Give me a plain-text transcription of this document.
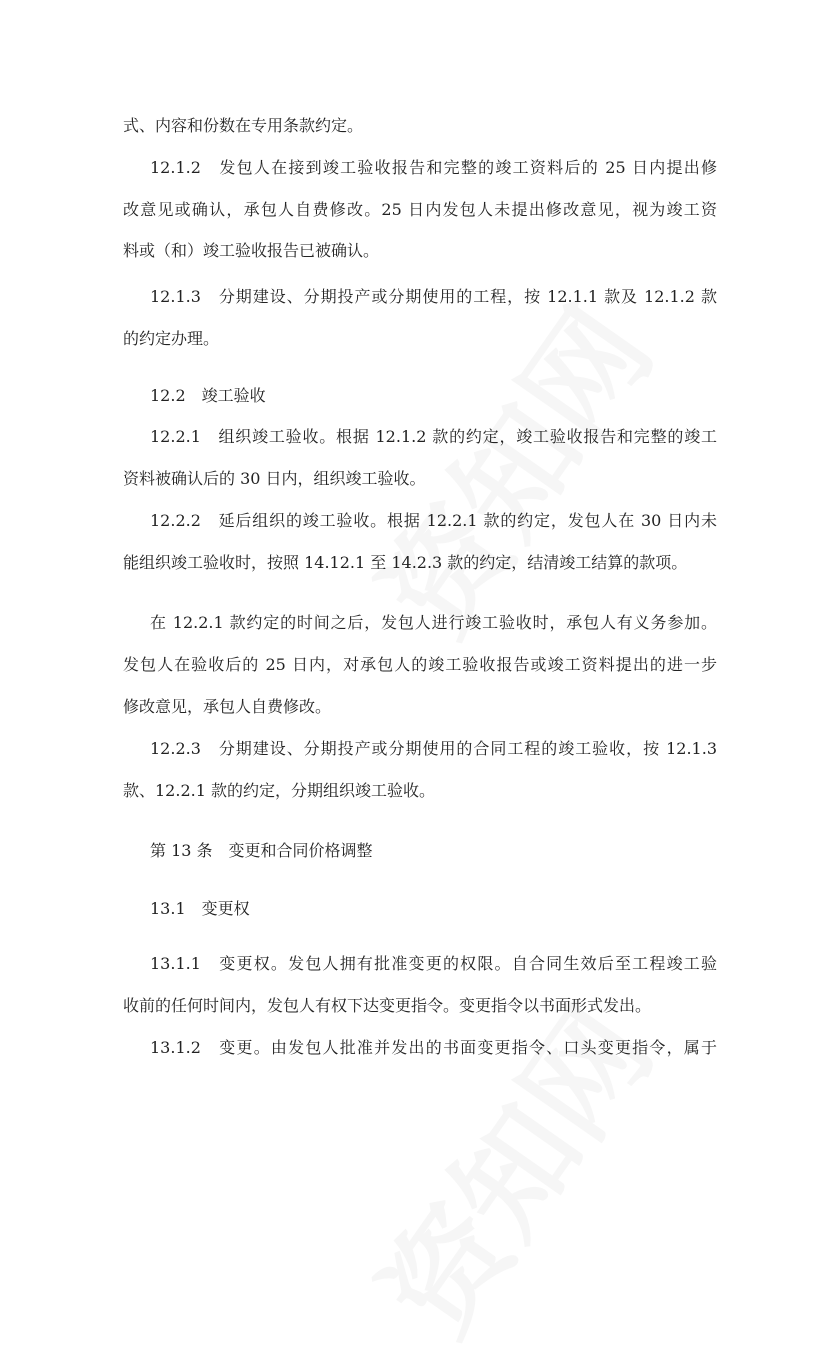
式、内容和份数在专用条款约定。
12.1.2　发包人在接到竣工验收报告和完整的竣工资料后的 25 日内提出修
改意见或确认，承包人自费修改。25 日内发包人未提出修改意见，视为竣工资
料或（和）竣工验收报告已被确认。
12.1.3　分期建设、分期投产或分期使用的工程，按 12.1.1 款及 12.1.2 款
的约定办理。
12.2　竣工验收
12.2.1　组织竣工验收。根据 12.1.2 款的约定，竣工验收报告和完整的竣工
资料被确认后的 30 日内，组织竣工验收。
12.2.2　延后组织的竣工验收。根据 12.2.1 款的约定，发包人在 30 日内未
能组织竣工验收时，按照 14.12.1 至 14.2.3 款的约定，结清竣工结算的款项。
在 12.2.1 款约定的时间之后，发包人进行竣工验收时，承包人有义务参加。
发包人在验收后的 25 日内，对承包人的竣工验收报告或竣工资料提出的进一步
修改意见，承包人自费修改。
12.2.3　分期建设、分期投产或分期使用的合同工程的竣工验收，按 12.1.3
款、12.2.1 款的约定，分期组织竣工验收。
第 13 条　变更和合同价格调整
13.1　变更权
13.1.1　变更权。发包人拥有批准变更的权限。自合同生效后至工程竣工验
收前的任何时间内，发包人有权下达变更指令。变更指令以书面形式发出。
13.1.2　变更。由发包人批准并发出的书面变更指令、口头变更指令，属于
